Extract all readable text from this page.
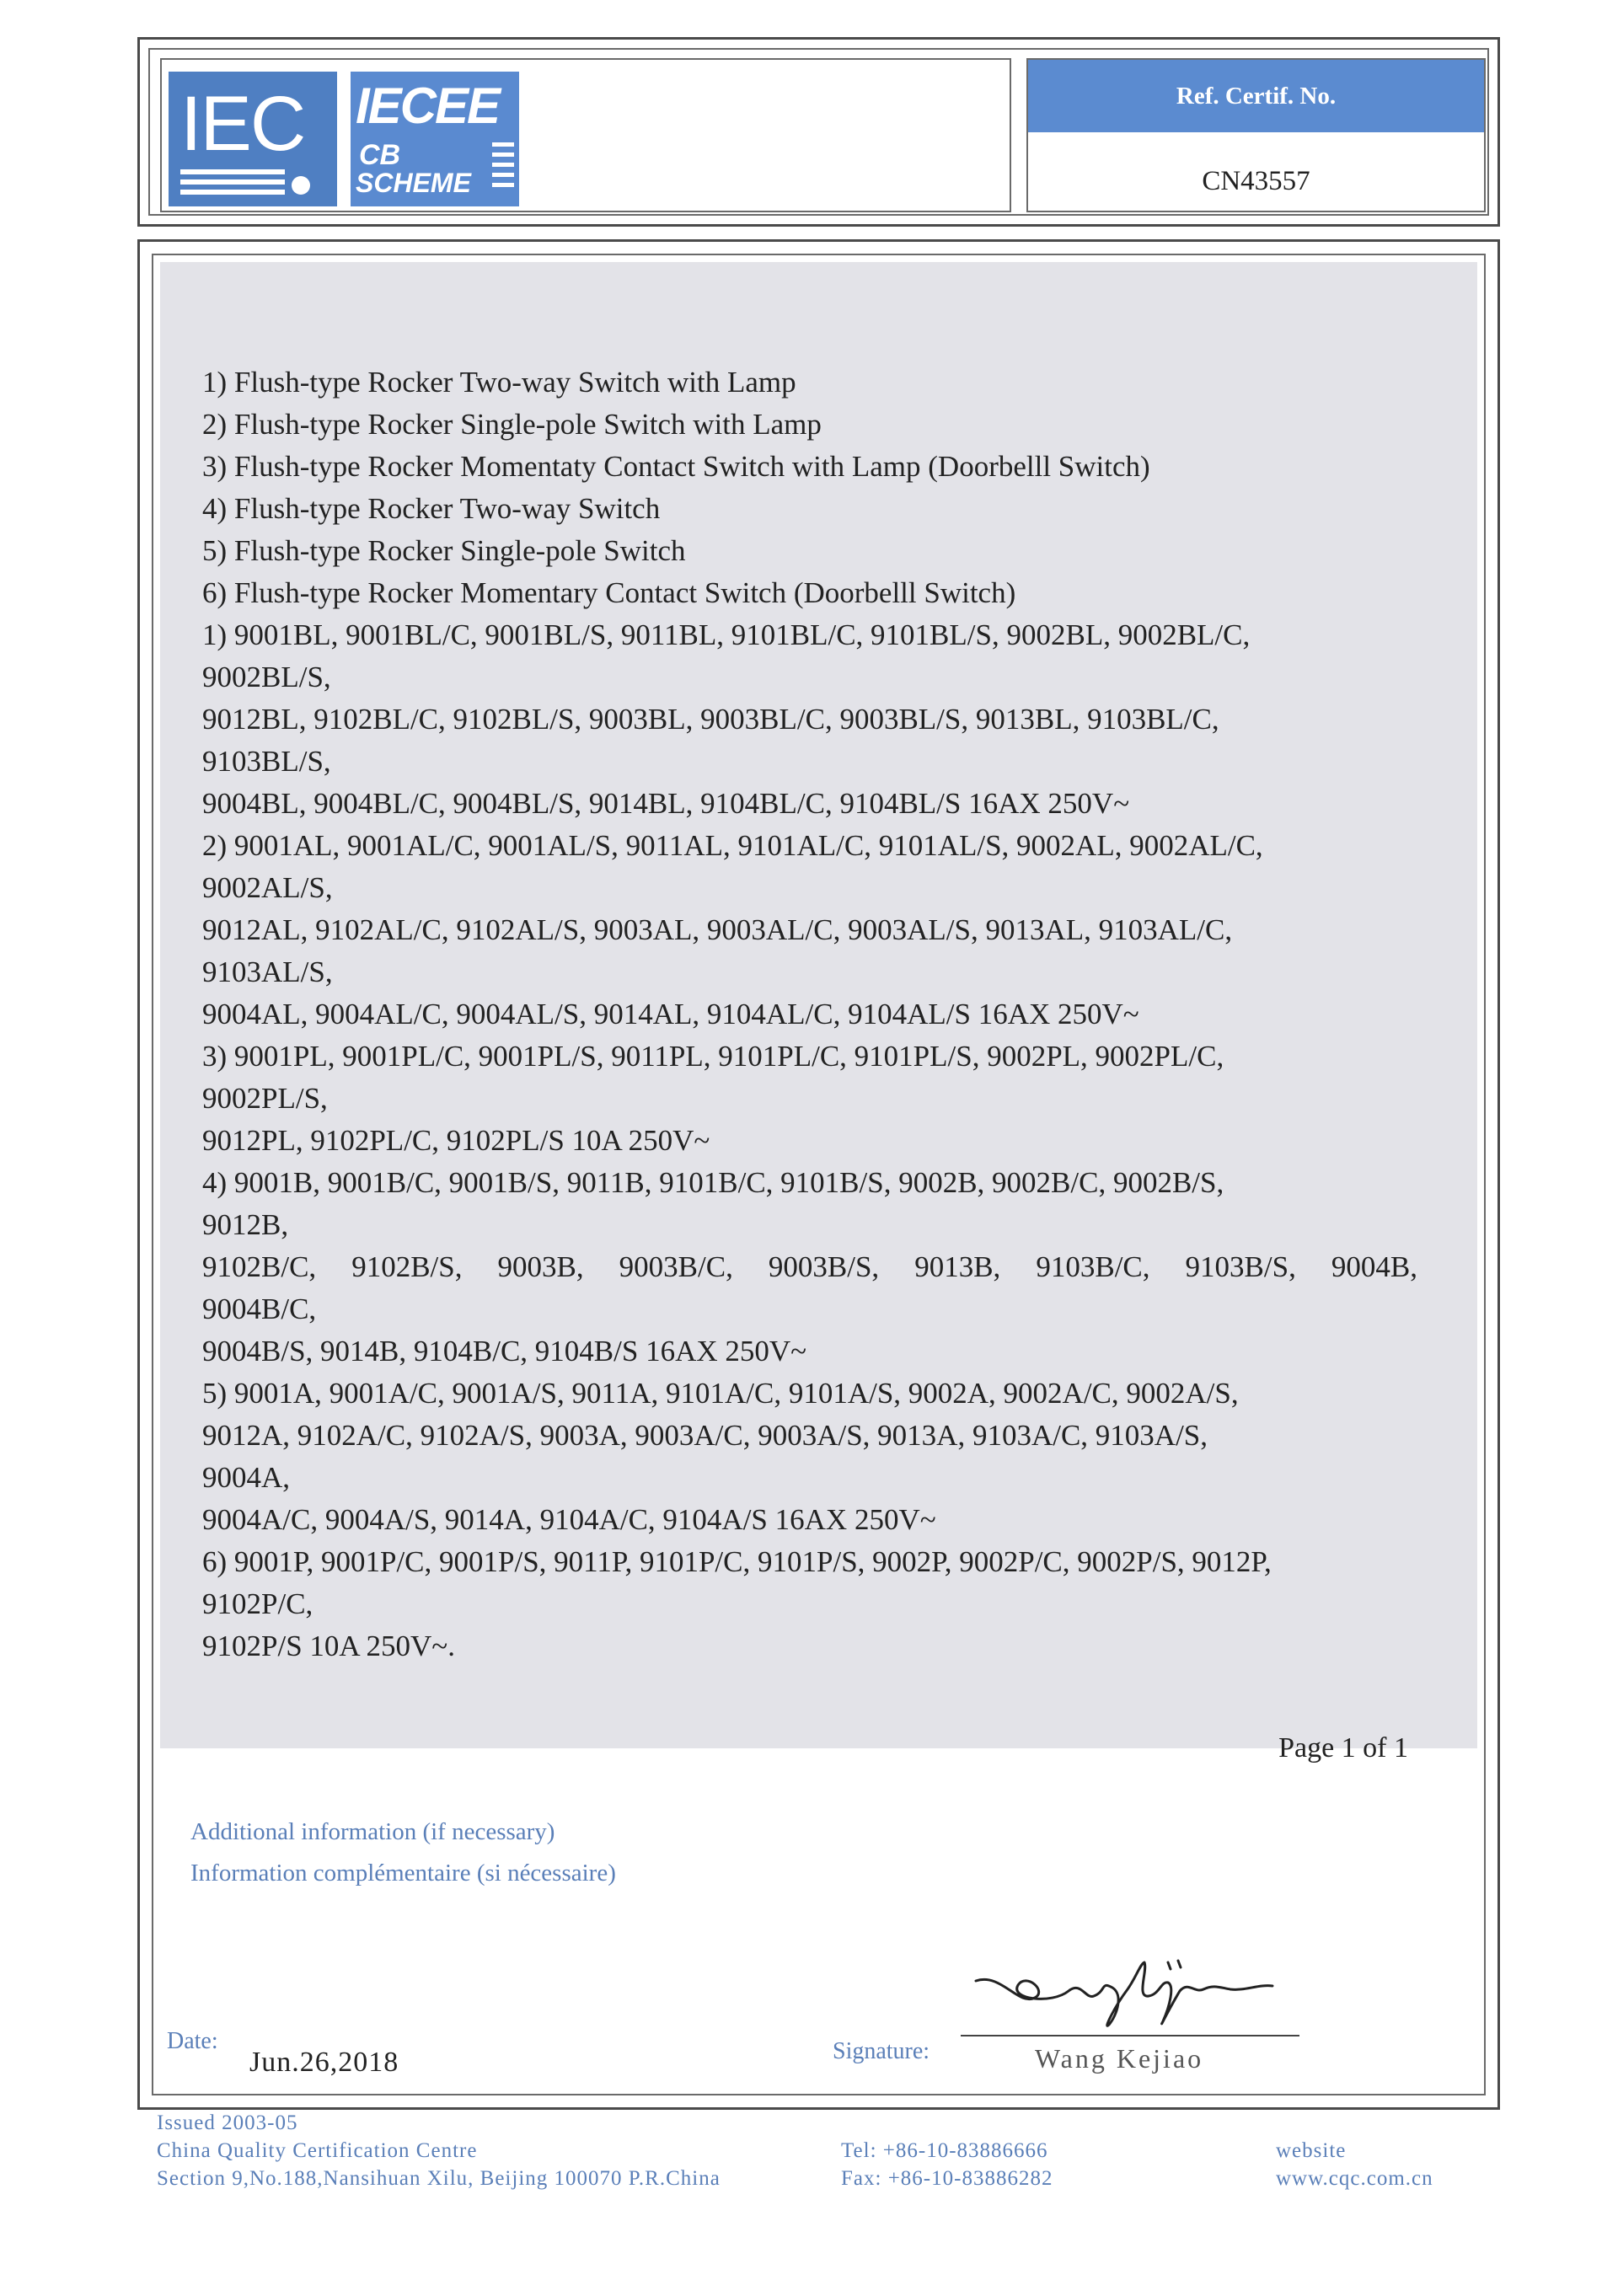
IEC IECEE
CB
SCHEME
Ref. Certif. No.
CN43557
1) Flush-type Rocker Two-way Switch with Lamp
2) Flush-type Rocker Single-pole Switch with Lamp
3) Flush-type Rocker Momentaty Contact Switch with Lamp (Doorbelll Switch)
4) Flush-type Rocker Two-way Switch
5) Flush-type Rocker Single-pole Switch
6) Flush-type Rocker Momentary Contact Switch (Doorbelll Switch)
1) 9001BL, 9001BL/C, 9001BL/S, 9011BL, 9101BL/C, 9101BL/S, 9002BL, 9002BL/C,
9002BL/S,
9012BL, 9102BL/C, 9102BL/S, 9003BL, 9003BL/C, 9003BL/S, 9013BL, 9103BL/C,
9103BL/S,
9004BL, 9004BL/C, 9004BL/S, 9014BL, 9104BL/C, 9104BL/S 16AX 250V~
2) 9001AL, 9001AL/C, 9001AL/S, 9011AL, 9101AL/C, 9101AL/S, 9002AL, 9002AL/C,
9002AL/S,
9012AL, 9102AL/C, 9102AL/S, 9003AL, 9003AL/C, 9003AL/S, 9013AL, 9103AL/C,
9103AL/S,
9004AL, 9004AL/C, 9004AL/S, 9014AL, 9104AL/C, 9104AL/S 16AX 250V~
3) 9001PL, 9001PL/C, 9001PL/S, 9011PL, 9101PL/C, 9101PL/S, 9002PL, 9002PL/C,
9002PL/S,
9012PL, 9102PL/C, 9102PL/S 10A 250V~
4) 9001B, 9001B/C, 9001B/S, 9011B, 9101B/C, 9101B/S, 9002B, 9002B/C, 9002B/S,
9012B,
9102B/C, 9102B/S, 9003B, 9003B/C, 9003B/S, 9013B, 9103B/C, 9103B/S, 9004B,
9004B/C,
9004B/S, 9014B, 9104B/C, 9104B/S 16AX 250V~
5) 9001A, 9001A/C, 9001A/S, 9011A, 9101A/C, 9101A/S, 9002A, 9002A/C, 9002A/S,
9012A, 9102A/C, 9102A/S, 9003A, 9003A/C, 9003A/S, 9013A, 9103A/C, 9103A/S,
9004A,
9004A/C, 9004A/S, 9014A, 9104A/C, 9104A/S 16AX 250V~
6) 9001P, 9001P/C, 9001P/S, 9011P, 9101P/C, 9101P/S, 9002P, 9002P/C, 9002P/S, 9012P,
9102P/C,
9102P/S 10A 250V~.
Page 1 of 1
Additional information (if necessary)
Information complémentaire (si nécessaire)
Date:
Jun.26,2018	Signature:	Wang Kejiao
Issued 2003-05
China Quality Certification Centre
Section 9,No.188,Nansihuan Xilu, Beijing 100070 P.R.China
Tel: +86-10-83886666
Fax: +86-10-83886282
website
www.cqc.com.cn
